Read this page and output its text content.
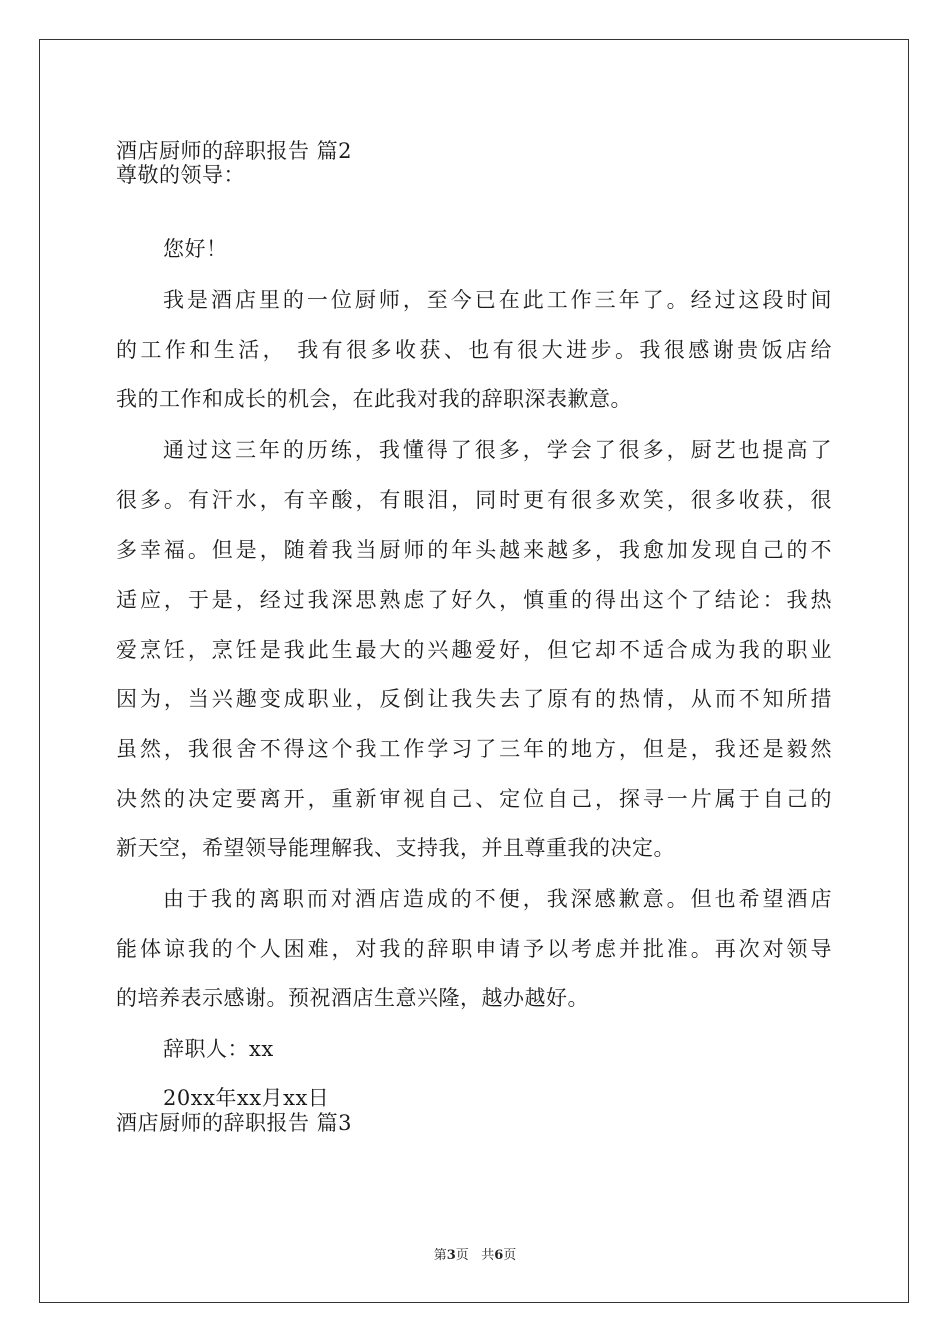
酒店厨师的辞职报告 篇2
尊敬的领导：
您好！
我是酒店里的一位厨师，至今已在此工作三年了。经过这段时间
的工作和生活， 我有很多收获、也有很大进步。我很感谢贵饭店给
我的工作和成长的机会，在此我对我的辞职深表歉意。
通过这三年的历练，我懂得了很多，学会了很多，厨艺也提高了
很多。有汗水，有辛酸，有眼泪，同时更有很多欢笑，很多收获，很
多幸福。但是，随着我当厨师的年头越来越多，我愈加发现自己的不
适应，于是，经过我深思熟虑了好久，慎重的得出这个了结论：我热
爱烹饪，烹饪是我此生最大的兴趣爱好，但它却不适合成为我的职业
因为，当兴趣变成职业，反倒让我失去了原有的热情，从而不知所措
虽然，我很舍不得这个我工作学习了三年的地方，但是，我还是毅然
决然的决定要离开，重新审视自己、定位自己，探寻一片属于自己的
新天空，希望领导能理解我、支持我，并且尊重我的决定。
由于我的离职而对酒店造成的不便，我深感歉意。但也希望酒店
能体谅我的个人困难，对我的辞职申请予以考虑并批准。再次对领导
的培养表示感谢。预祝酒店生意兴隆，越办越好。
辞职人：xx
20xx年xx月xx日
酒店厨师的辞职报告 篇3
第3页 共6页
